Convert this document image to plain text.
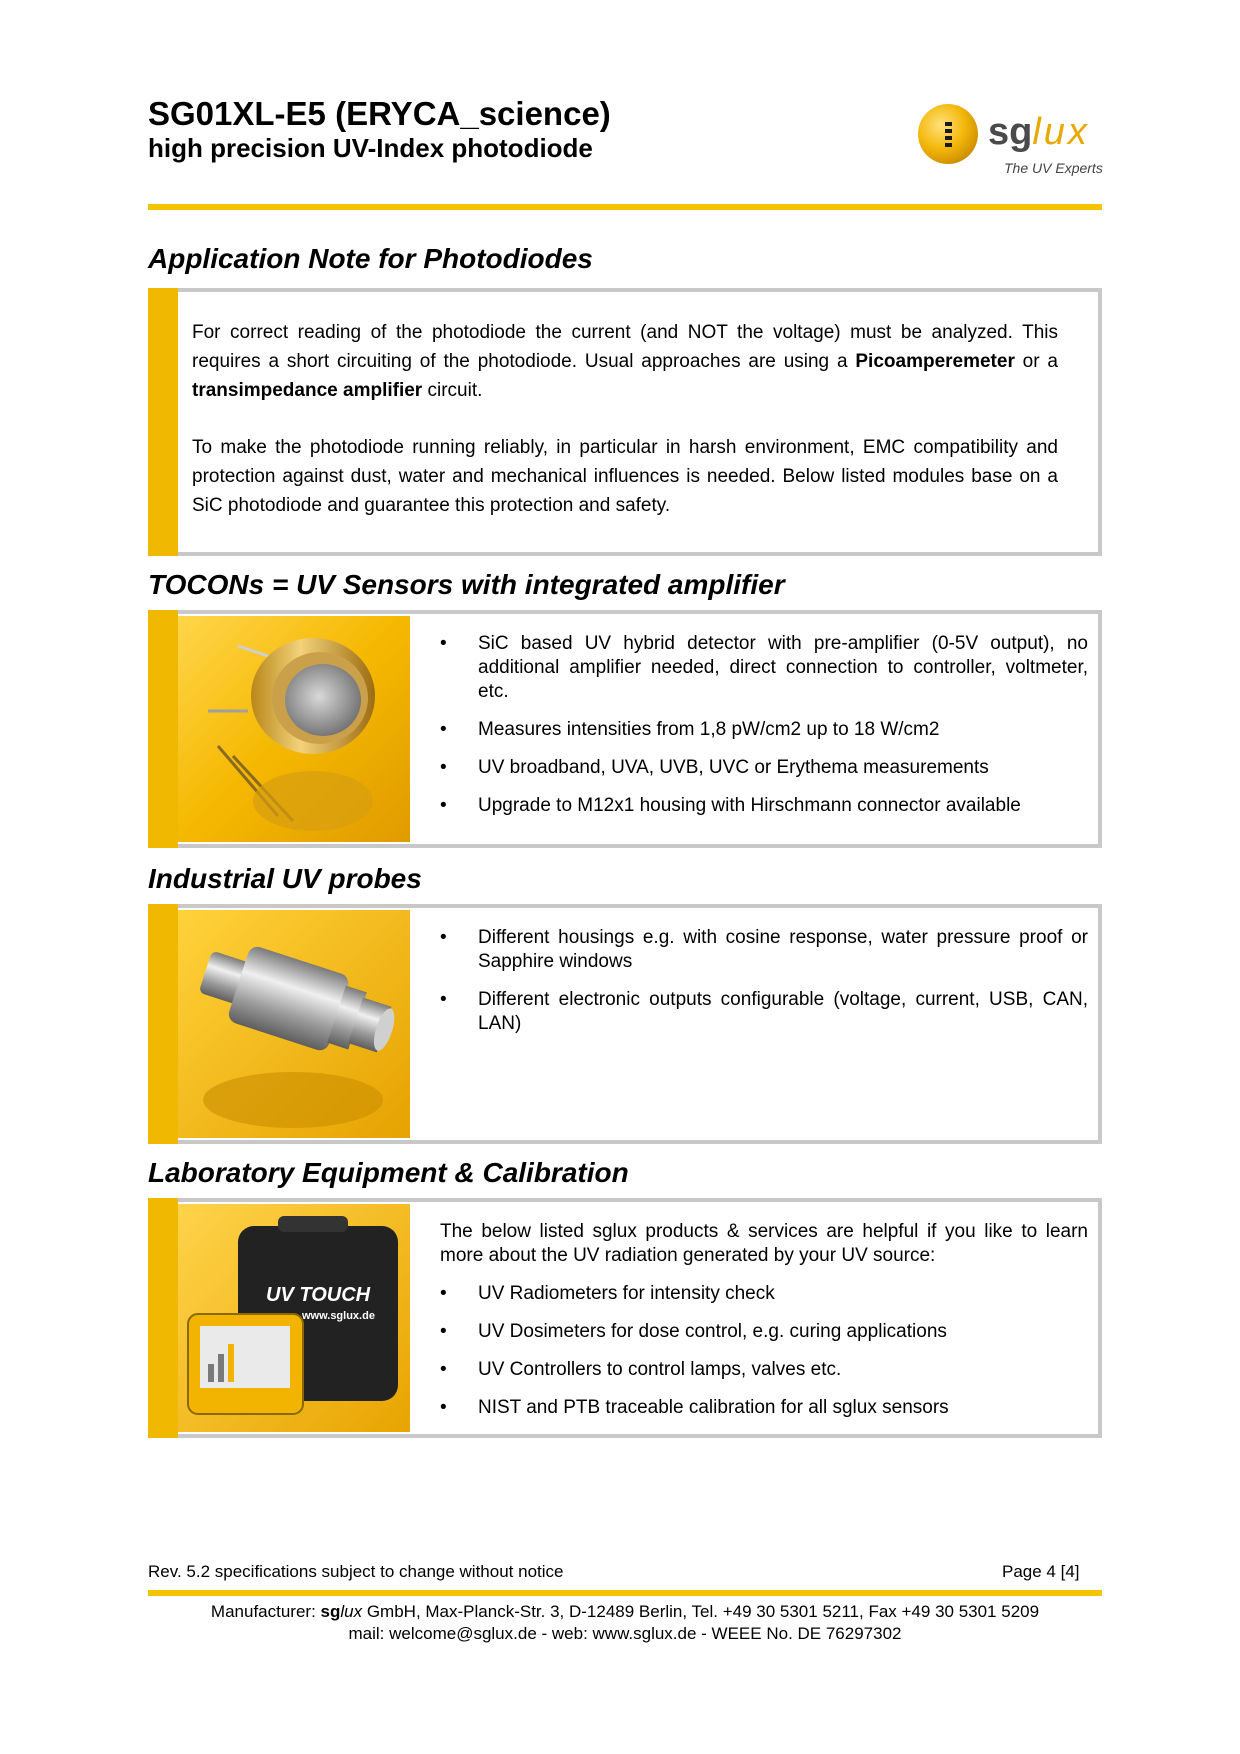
SG01XL-E5 (ERYCA_science)
high precision UV-Index photodiode	sglux
The UV Experts
Application Note for Photodiodes

For correct reading of the photodiode the current (and NOT the voltage) must be analyzed. This requires a short circuiting of the photodiode. Usual approaches are using a Picoamperemeter or a transimpedance amplifier circuit.

To make the photodiode running reliably, in particular in harsh environment, EMC compatibility and protection against dust, water and mechanical influences is needed. Below listed modules base on a SiC photodiode and guarantee this protection and safety.

TOCONs = UV Sensors with integrated amplifier
• SiC based UV hybrid detector with pre-amplifier (0-5V output), no additional amplifier needed, direct connection to controller, voltmeter, etc.
• Measures intensities from 1,8 pW/cm2 up to 18 W/cm2
• UV broadband, UVA, UVB, UVC or Erythema measurements
• Upgrade to M12x1 housing with Hirschmann connector available
Industrial UV probes
• Different housings e.g. with cosine response, water pressure proof or Sapphire windows
• Different electronic outputs configurable (voltage, current, USB, CAN, LAN)
Laboratory Equipment & Calibration
UV TOUCH
www.sglux.de

The below listed sglux products & services are helpful if you like to learn more about the UV radiation generated by your UV source:

• UV Radiometers for intensity check
• UV Dosimeters for dose control, e.g. curing applications
• UV Controllers to control lamps, valves etc.
• NIST and PTB traceable calibration for all sglux sensors
Rev. 5.2 specifications subject to change without notice	Page 4 [4]
Manufacturer: sglux GmbH, Max-Planck-Str. 3, D-12489 Berlin, Tel. +49 30 5301 5211, Fax +49 30 5301 5209
mail: welcome@sglux.de - web: www.sglux.de - WEEE No. DE 76297302
